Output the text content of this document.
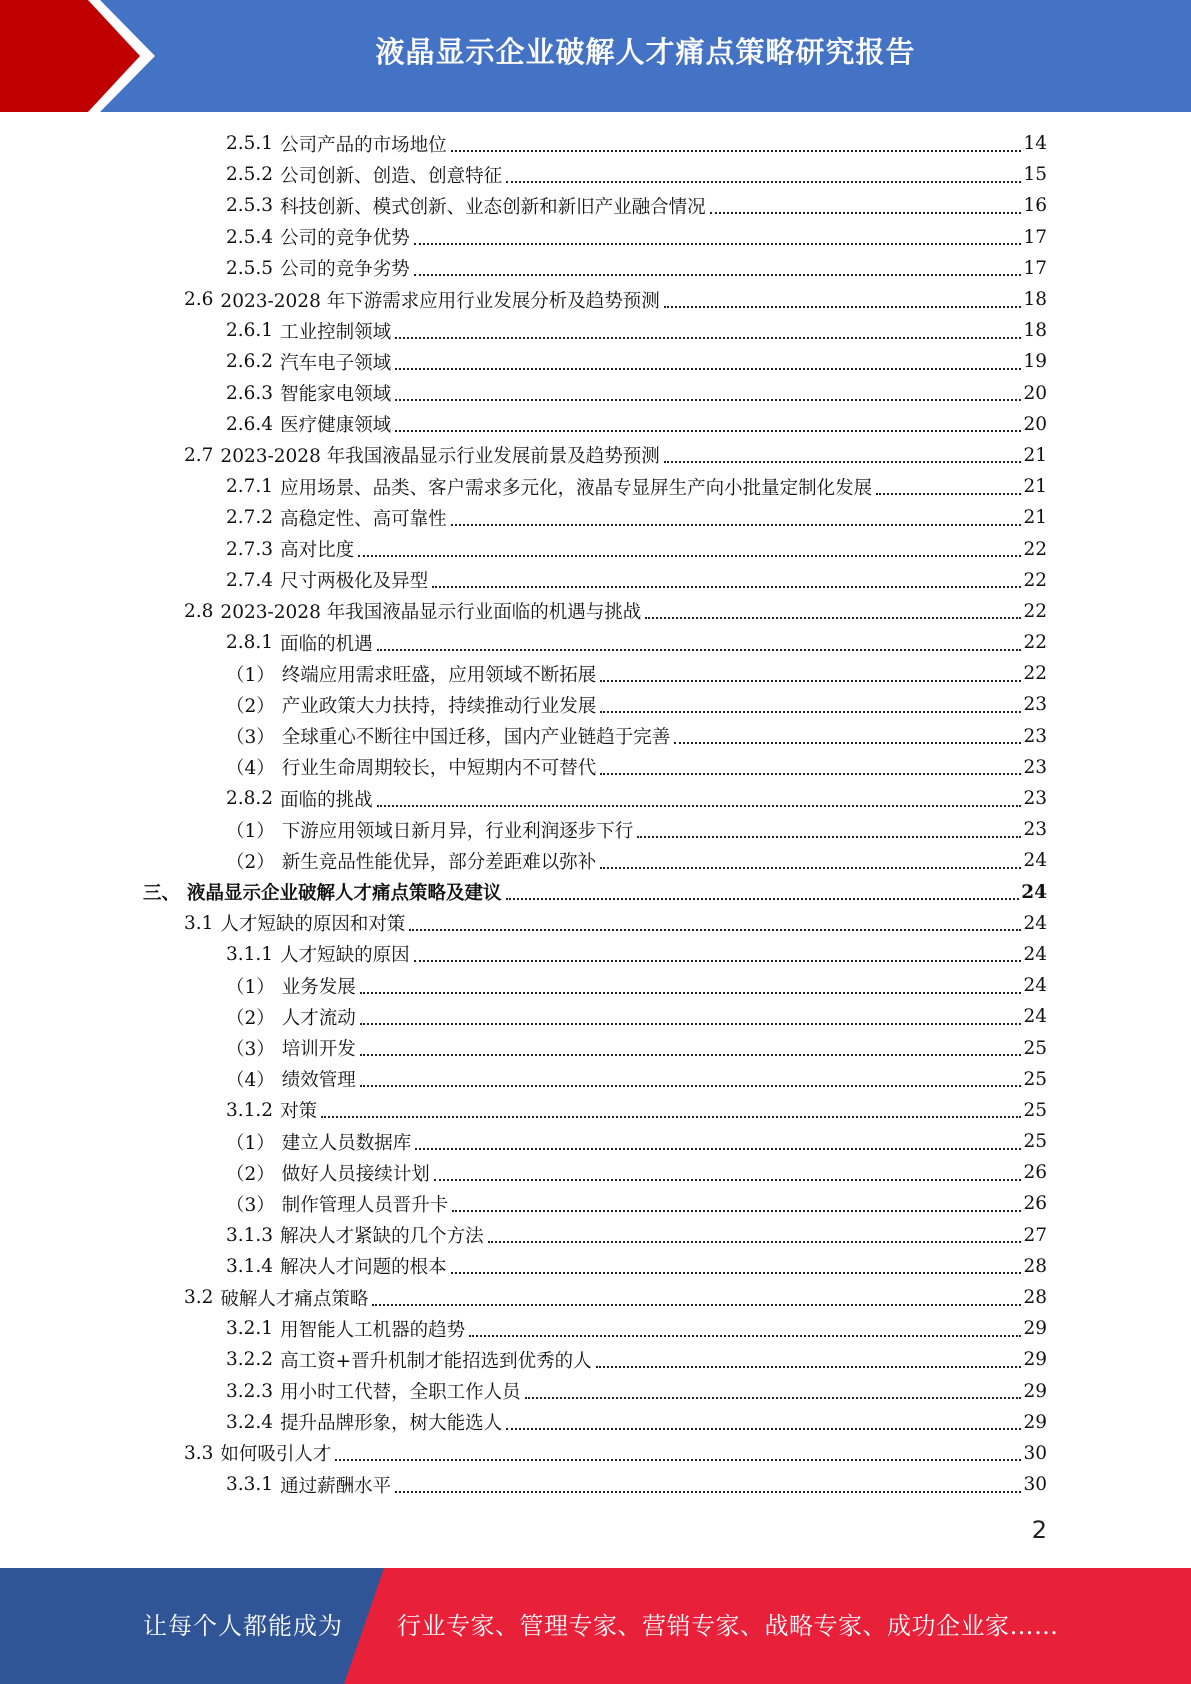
液晶显示企业破解人才痛点策略研究报告
2.5.1 公司产品的市场地位	14
2.5.2 公司创新、创造、创意特征	15
2.5.3 科技创新、模式创新、业态创新和新旧产业融合情况	16
2.5.4 公司的竞争优势	17
2.5.5 公司的竞争劣势	17
2.6 2023-2028 年下游需求应用行业发展分析及趋势预测	18
2.6.1 工业控制领域	18
2.6.2 汽车电子领域	19
2.6.3 智能家电领域	20
2.6.4 医疗健康领域	20
2.7 2023-2028 年我国液晶显示行业发展前景及趋势预测	21
2.7.1 应用场景、品类、客户需求多元化，液晶专显屏生产向小批量定制化发展	21
2.7.2 高稳定性、高可靠性	21
2.7.3 高对比度	22
2.7.4 尺寸两极化及异型	22
2.8 2023-2028 年我国液晶显示行业面临的机遇与挑战	22
2.8.1 面临的机遇	22
（1） 终端应用需求旺盛，应用领域不断拓展	22
（2） 产业政策大力扶持，持续推动行业发展	23
（3） 全球重心不断往中国迁移，国内产业链趋于完善	23
（4） 行业生命周期较长，中短期内不可替代	23
2.8.2 面临的挑战	23
（1） 下游应用领域日新月异，行业利润逐步下行	23
（2） 新生竞品性能优异，部分差距难以弥补	24
三、 液晶显示企业破解人才痛点策略及建议	24
3.1 人才短缺的原因和对策	24
3.1.1 人才短缺的原因	24
（1） 业务发展	24
（2） 人才流动	24
（3） 培训开发	25
（4） 绩效管理	25
3.1.2 对策	25
（1） 建立人员数据库	25
（2） 做好人员接续计划	26
（3） 制作管理人员晋升卡	26
3.1.3 解决人才紧缺的几个方法	27
3.1.4 解决人才问题的根本	28
3.2 破解人才痛点策略	28
3.2.1 用智能人工机器的趋势	29
3.2.2 高工资+晋升机制才能招选到优秀的人	29
3.2.3 用小时工代替，全职工作人员	29
3.2.4 提升品牌形象，树大能选人	29
3.3 如何吸引人才	30
3.3.1 通过薪酬水平	30
2
让每个人都能成为 行业专家、管理专家、营销专家、战略专家、成功企业家……
